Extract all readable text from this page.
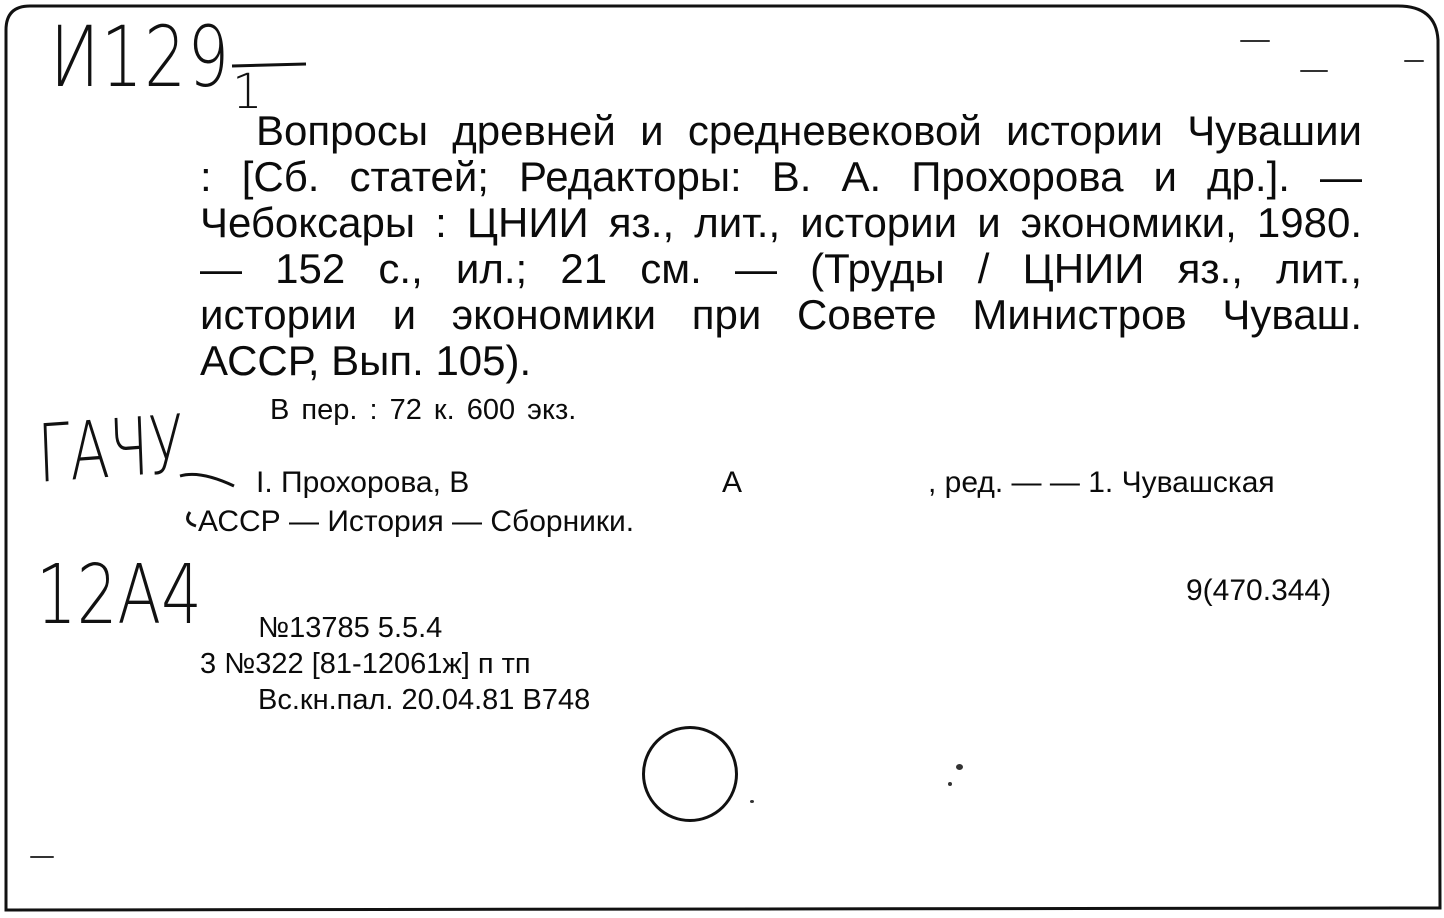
И129 1
ГАЧУ
12А4
Вопросы древней и средневековой истории Чувашии
: [Сб. статей; Редакторы: В. А. Прохорова и др.]. —
Чебоксары : ЦНИИ яз., лит., истории и экономики, 1980.
— 152 с., ил.; 21 см. — (Труды / ЦНИИ яз., лит.,
истории и экономики при Совете Министров Чуваш.
АССР, Вып. 105).
В пер. : 72 к. 600 экз.
I. Прохорова, В	А	, ред. — — 1. Чувашская
АССР — История — Сборники.
9(470.344)
№13785 5.5.4
3 №322 [81-12061ж] п тп
Вс.кн.пал. 20.04.81 В748
